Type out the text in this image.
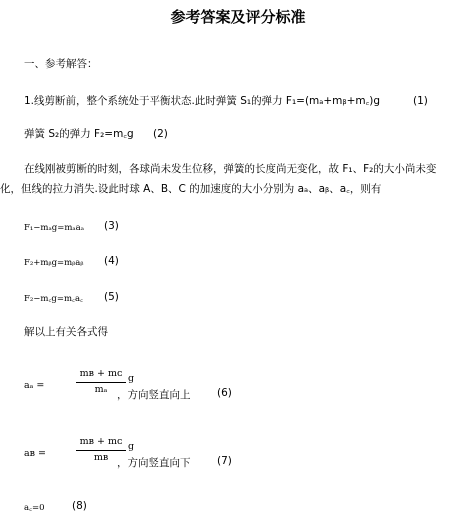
参考答案及评分标准
一、参考解答：
1.线剪断前，整个系统处于平衡状态.此时弹簧 S₁的弹力 F₁=(mₐ+mᵦ+m꜀)g	(1)
弹簧 S₂的弹力 F₂=m꜀g (2)
在线刚被剪断的时刻，各球尚未发生位移，弹簧的长度尚无变化，故 F₁、F₂的大小尚未变
化，但线的拉力消失.设此时球 A、B、C 的加速度的大小分别为 aₐ、aᵦ、a꜀，则有
F₁−mₐg=mₐaₐ (3)
F₂+mᵦg=mᵦaᵦ (4)
F₂−m꜀g=m꜀a꜀ (5)
解以上有关各式得
aₐ =
mʙ + mᴄ
mₐ
g
，方向竖直向上	(6)
aʙ =
mʙ + mᴄ
mʙ
g
，方向竖直向下	(7)
a꜀=0	(8)
